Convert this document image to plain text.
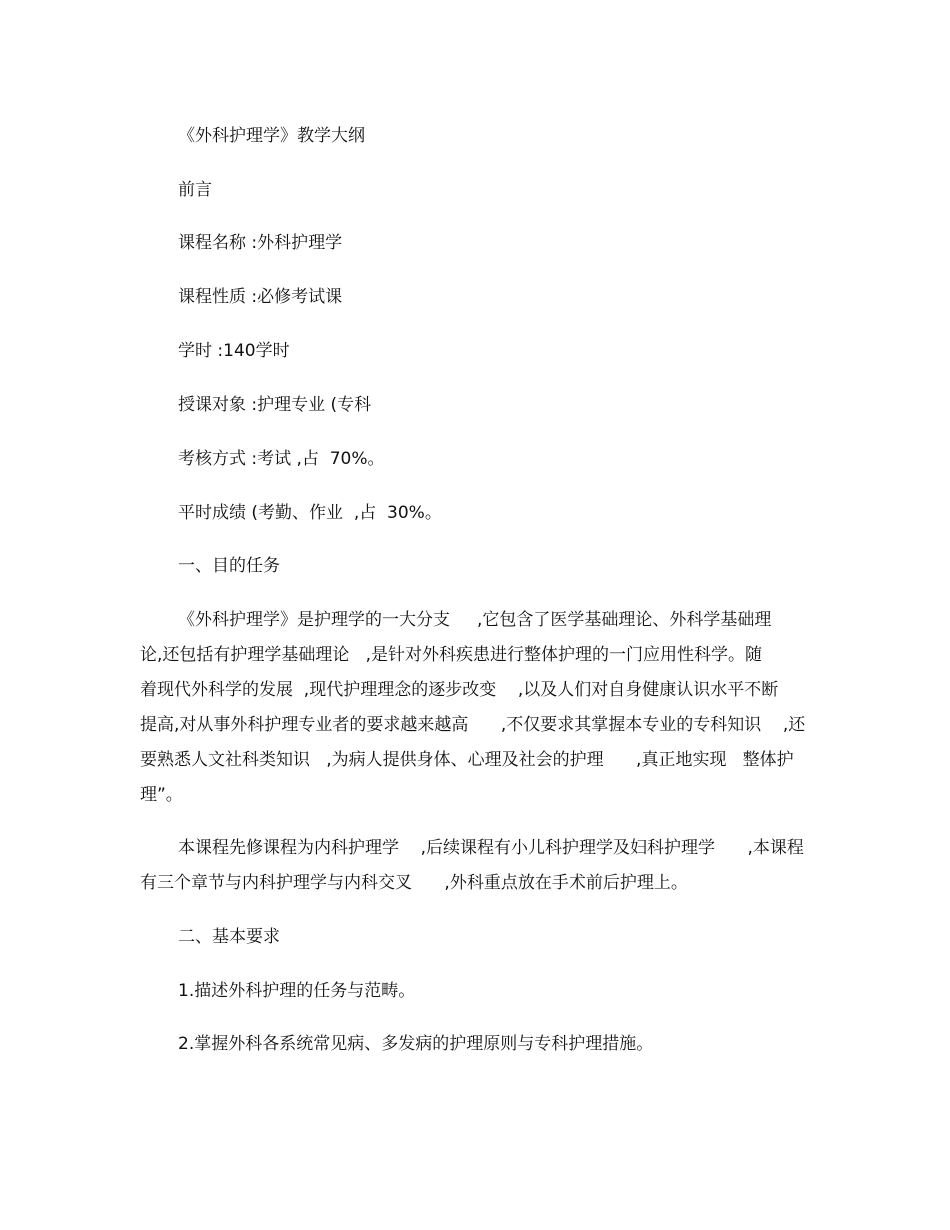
《外科护理学》教学大纲
前言
课程名称 :外科护理学
课程性质 :必修考试课
学时 :140学时
授课对象 :护理专业 (专科
考核方式 :考试 ,占  70%。
平时成绩 (考勤、作业  ,占  30%。
一、目的任务
《外科护理学》是护理学的一大分支     ,它包含了医学基础理论、外科学基础理
论,还包括有护理学基础理论   ,是针对外科疾患进行整体护理的一门应用性科学。随
着现代外科学的发展  ,现代护理理念的逐步改变    ,以及人们对自身健康认识水平不断
提高,对从事外科护理专业者的要求越来越高      ,不仅要求其掌握本专业的专科知识    ,还
要熟悉人文社科类知识   ,为病人提供身体、心理及社会的护理      ,真正地实现   整体护
理”。
本课程先修课程为内科护理学    ,后续课程有小儿科护理学及妇科护理学      ,本课程
有三个章节与内科护理学与内科交叉      ,外科重点放在手术前后护理上。
二、基本要求
1.描述外科护理的任务与范畴。
2.掌握外科各系统常见病、多发病的护理原则与专科护理措施。
